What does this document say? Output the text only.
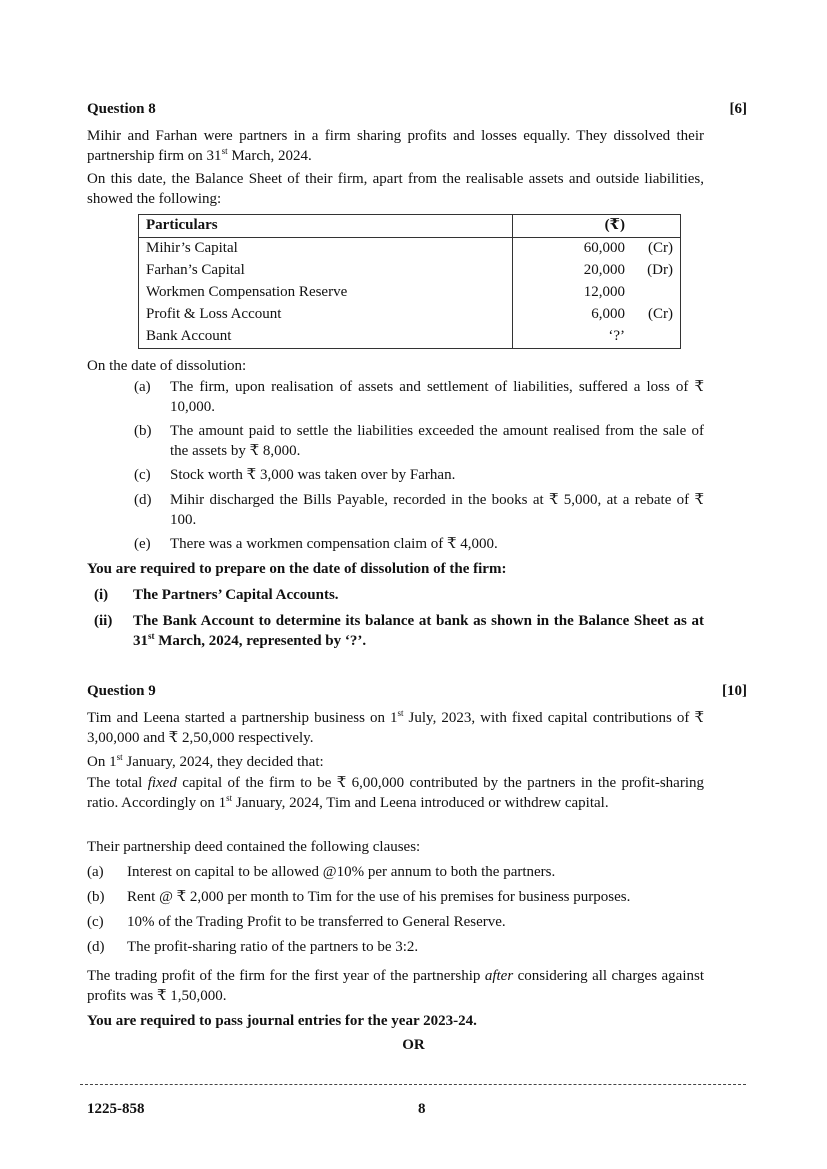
Question 8	[6]
Mihir and Farhan were partners in a firm sharing profits and losses equally. They dissolved their partnership firm on 31st March, 2024.
On this date, the Balance Sheet of their firm, apart from the realisable assets and outside liabilities, showed the following:
Particulars	(₹)
Mihir’s Capital	60,000 (Cr)
Farhan’s Capital	20,000 (Dr)
Workmen Compensation Reserve	12,000
Profit & Loss Account	6,000 (Cr)
Bank Account	‘?’
On the date of dissolution:
(a) The firm, upon realisation of assets and settlement of liabilities, suffered a loss of ₹ 10,000.
(b) The amount paid to settle the liabilities exceeded the amount realised from the sale of the assets by ₹ 8,000.
(c) Stock worth ₹ 3,000 was taken over by Farhan.
(d) Mihir discharged the Bills Payable, recorded in the books at ₹ 5,000, at a rebate of ₹ 100.
(e) There was a workmen compensation claim of ₹ 4,000.
You are required to prepare on the date of dissolution of the firm:
(i) The Partners’ Capital Accounts.
(ii) The Bank Account to determine its balance at bank as shown in the Balance Sheet as at 31st March, 2024, represented by ‘?’.
Question 9	[10]
Tim and Leena started a partnership business on 1st July, 2023, with fixed capital contributions of ₹ 3,00,000 and ₹ 2,50,000 respectively.
On 1st January, 2024, they decided that:
The total fixed capital of the firm to be ₹ 6,00,000 contributed by the partners in the profit-sharing ratio. Accordingly on 1st January, 2024, Tim and Leena introduced or withdrew capital.
Their partnership deed contained the following clauses:
(a) Interest on capital to be allowed @10% per annum to both the partners.
(b) Rent @ ₹ 2,000 per month to Tim for the use of his premises for business purposes.
(c) 10% of the Trading Profit to be transferred to General Reserve.
(d) The profit-sharing ratio of the partners to be 3:2.
The trading profit of the firm for the first year of the partnership after considering all charges against profits was ₹ 1,50,000.
You are required to pass journal entries for the year 2023-24.
OR
1225-858	8
